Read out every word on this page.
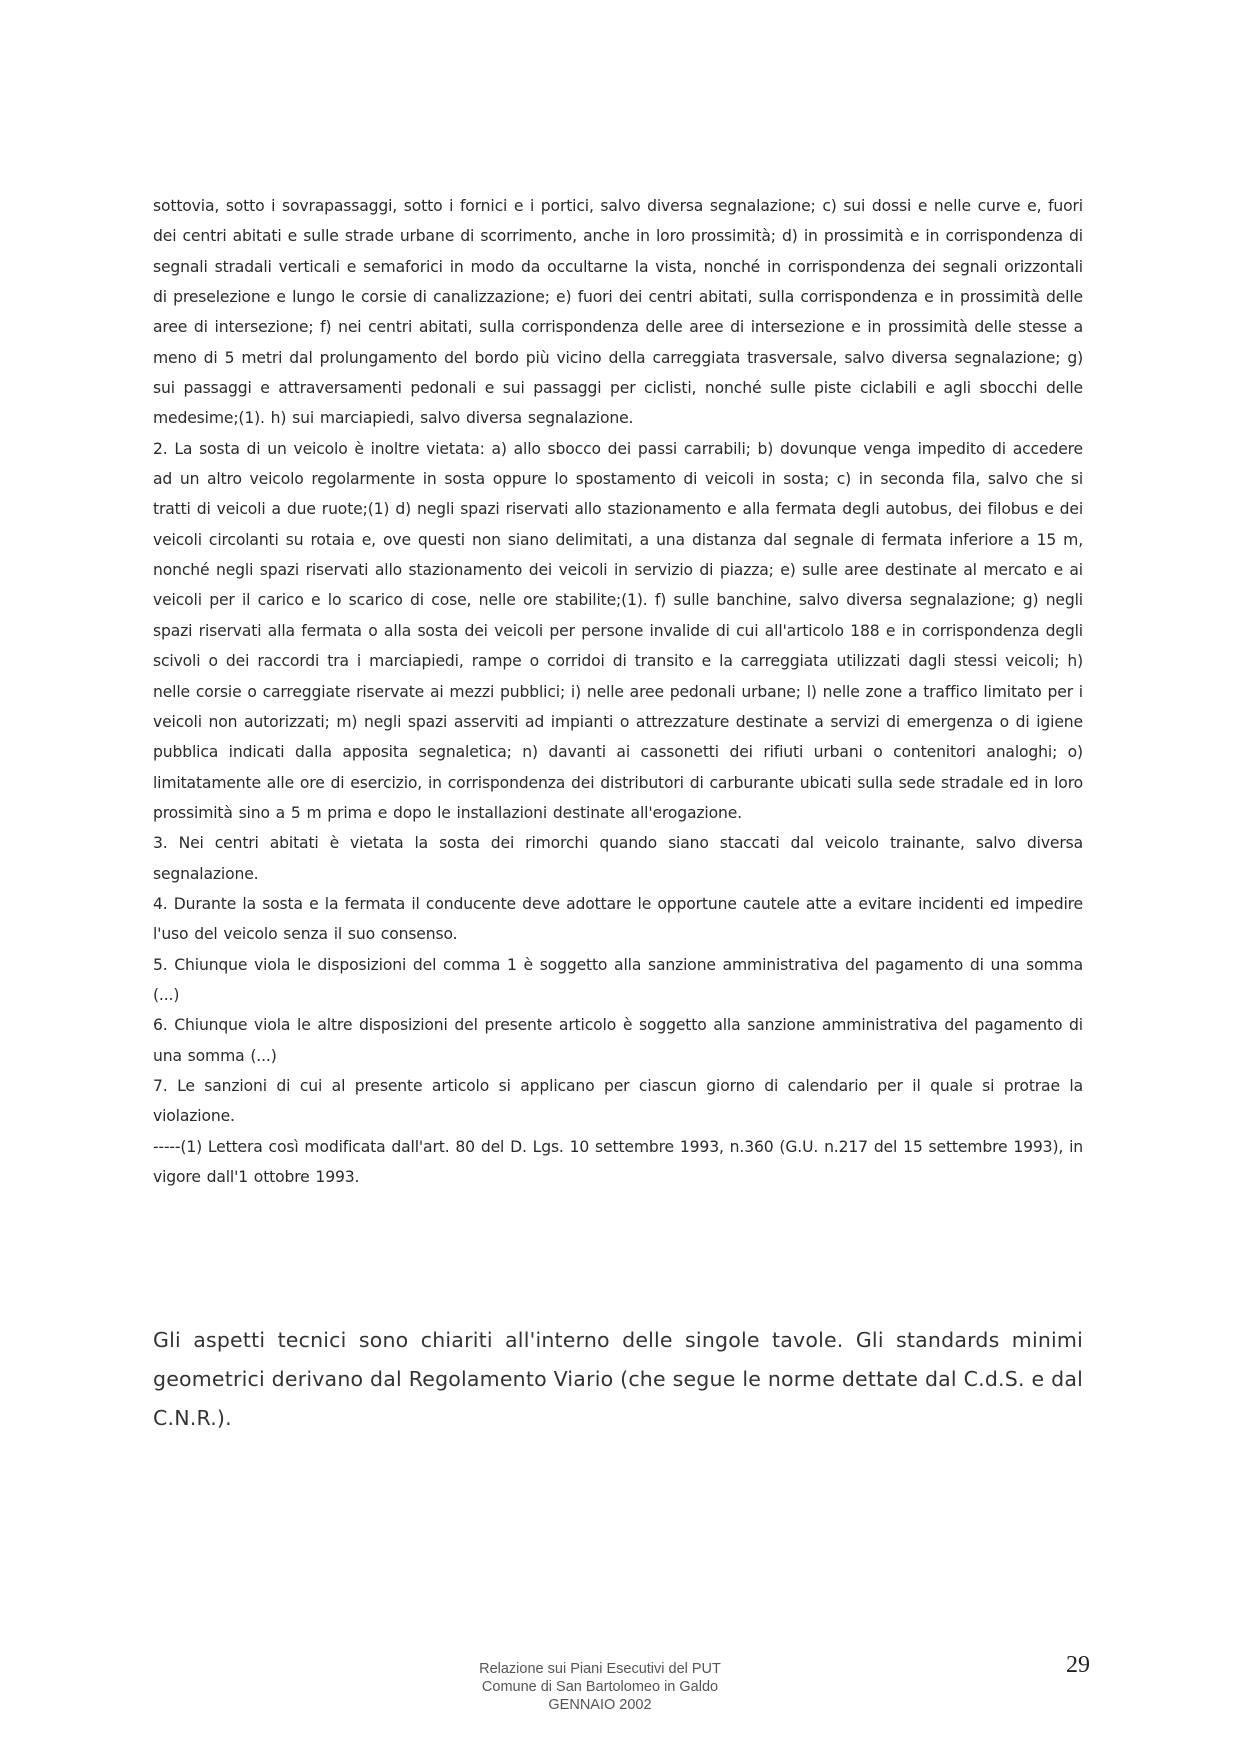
sottovia, sotto i sovrapassaggi, sotto i fornici e i portici, salvo diversa segnalazione; c) sui dossi e nelle curve e, fuori dei centri abitati e sulle strade urbane di scorrimento, anche in loro prossimità; d) in prossimità e in corrispondenza di segnali stradali verticali e semaforici in modo da occultarne la vista, nonché in corrispondenza dei segnali orizzontali di preselezione e lungo le corsie di canalizzazione; e) fuori dei centri abitati, sulla corrispondenza e in prossimità delle aree di intersezione; f) nei centri abitati, sulla corrispondenza delle aree di intersezione e in prossimità delle stesse a meno di 5 metri dal prolungamento del bordo più vicino della carreggiata trasversale, salvo diversa segnalazione; g) sui passaggi e attraversamenti pedonali e sui passaggi per ciclisti, nonché sulle piste ciclabili e agli sbocchi delle medesime;(1). h) sui marciapiedi, salvo diversa segnalazione.

2. La sosta di un veicolo è inoltre vietata: a) allo sbocco dei passi carrabili; b) dovunque venga impedito di accedere ad un altro veicolo regolarmente in sosta oppure lo spostamento di veicoli in sosta; c) in seconda fila, salvo che si tratti di veicoli a due ruote;(1) d) negli spazi riservati allo stazionamento e alla fermata degli autobus, dei filobus e dei veicoli circolanti su rotaia e, ove questi non siano delimitati, a una distanza dal segnale di fermata inferiore a 15 m, nonché negli spazi riservati allo stazionamento dei veicoli in servizio di piazza; e) sulle aree destinate al mercato e ai veicoli per il carico e lo scarico di cose, nelle ore stabilite;(1). f) sulle banchine, salvo diversa segnalazione; g) negli spazi riservati alla fermata o alla sosta dei veicoli per persone invalide di cui all'articolo 188 e in corrispondenza degli scivoli o dei raccordi tra i marciapiedi, rampe o corridoi di transito e la carreggiata utilizzati dagli stessi veicoli; h) nelle corsie o carreggiate riservate ai mezzi pubblici; i) nelle aree pedonali urbane; l) nelle zone a traffico limitato per i veicoli non autorizzati; m) negli spazi asserviti ad impianti o attrezzature destinate a servizi di emergenza o di igiene pubblica indicati dalla apposita segnaletica; n) davanti ai cassonetti dei rifiuti urbani o contenitori analoghi; o) limitatamente alle ore di esercizio, in corrispondenza dei distributori di carburante ubicati sulla sede stradale ed in loro prossimità sino a 5 m prima e dopo le installazioni destinate all'erogazione.

3. Nei centri abitati è vietata la sosta dei rimorchi quando siano staccati dal veicolo trainante, salvo diversa segnalazione.

4. Durante la sosta e la fermata il conducente deve adottare le opportune cautele atte a evitare incidenti ed impedire l'uso del veicolo senza il suo consenso.

5. Chiunque viola le disposizioni del comma 1 è soggetto alla sanzione amministrativa del pagamento di una somma (...)

6. Chiunque viola le altre disposizioni del presente articolo è soggetto alla sanzione amministrativa del pagamento di una somma (...)

7. Le sanzioni di cui al presente articolo si applicano per ciascun giorno di calendario per il quale si protrae la violazione.

-----(1) Lettera così modificata dall'art. 80 del D. Lgs. 10 settembre 1993, n.360 (G.U. n.217 del 15 settembre 1993), in vigore dall'1 ottobre 1993.

Gli aspetti tecnici sono chiariti all'interno delle singole tavole. Gli standards minimi geometrici derivano dal Regolamento Viario (che segue le norme dettate dal C.d.S. e dal C.N.R.).

Relazione sui Piani Esecutivi del PUT
Comune di San Bartolomeo in Galdo
GENNAIO 2002
29
